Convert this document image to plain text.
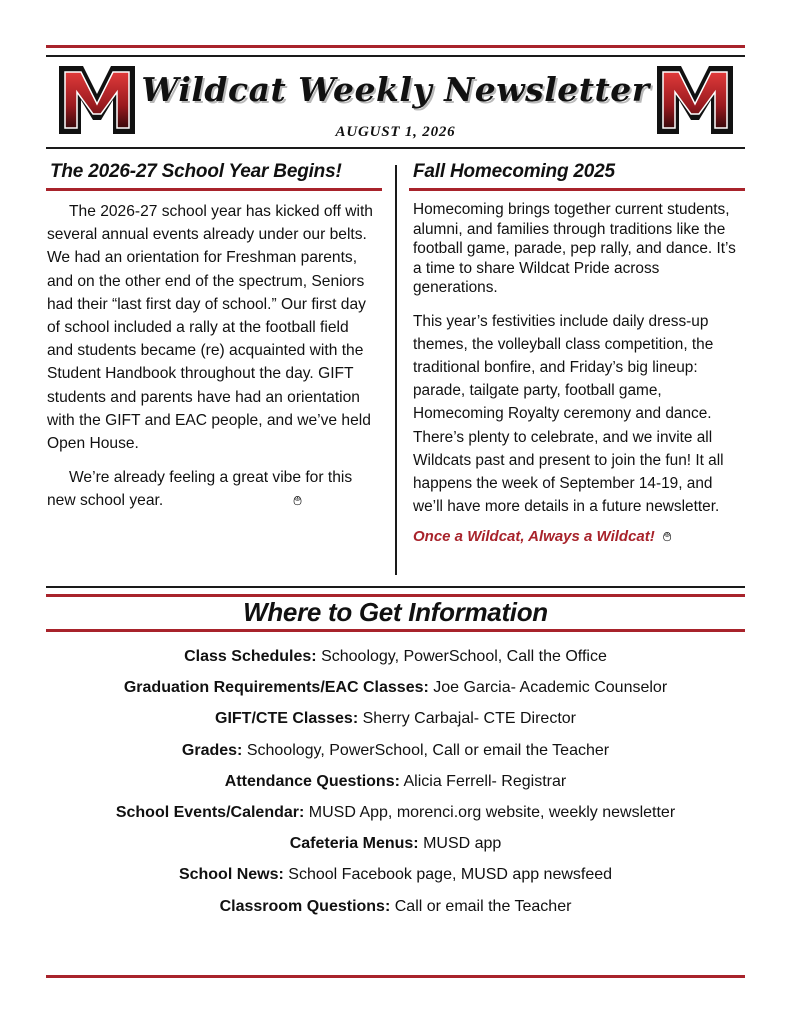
Wildcat Weekly Newsletter
AUGUST 1, 2026
The 2026-27 School Year Begins!

The 2026-27 school year has kicked off with several annual events already under our belts. We had an orientation for Freshman parents, and on the other end of the spectrum, Seniors had their “last first day of school.” Our first day of school included a rally at the football field and students became (re) acquainted with the Student Handbook throughout the day. GIFT students and parents have had an orientation with the GIFT and EAC people, and we’ve held Open House.

We’re already feeling a great vibe for this new school year.	࿉

Fall Homecoming 2025

Homecoming brings together current students, alumni, and families through traditions like the football game, parade, pep rally, and dance. It’s a time to share Wildcat Pride across generations.

This year’s festivities include daily dress-up themes, the volleyball class competition, the traditional bonfire, and Friday’s big lineup: parade, tailgate party, football game, Homecoming Royalty ceremony and dance. There’s plenty to celebrate, and we invite all Wildcats past and present to join the fun! It all happens the week of September 14-19, and we’ll have more details in a future newsletter.

Once a Wildcat, Always a Wildcat! ࿉

Where to Get Information
Class Schedules: Schoology, PowerSchool, Call the Office
Graduation Requirements/EAC Classes: Joe Garcia- Academic Counselor
GIFT/CTE Classes: Sherry Carbajal- CTE Director
Grades: Schoology, PowerSchool, Call or email the Teacher
Attendance Questions: Alicia Ferrell- Registrar
School Events/Calendar: MUSD App, morenci.org website, weekly newsletter
Cafeteria Menus: MUSD app
School News: School Facebook page, MUSD app newsfeed
Classroom Questions: Call or email the Teacher
